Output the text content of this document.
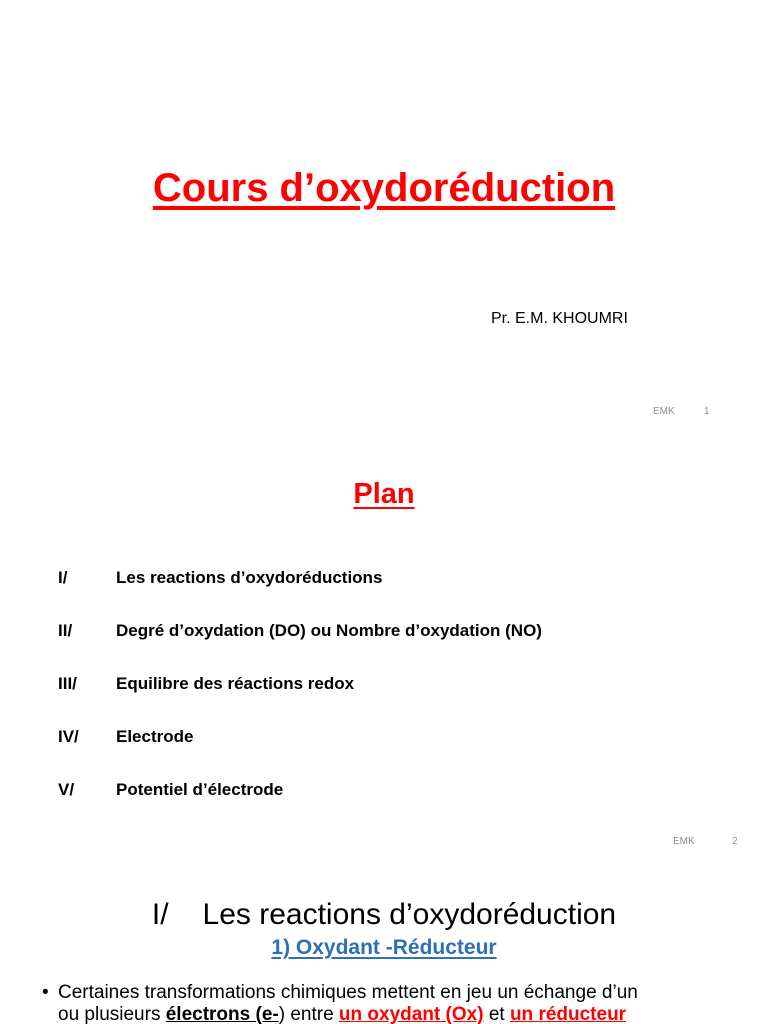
Cours d’oxydoréduction
Pr. E.M. KHOUMRI
EMK	1
Plan
I/	Les reactions d’oxydoréductions
II/	Degré d’oxydation (DO) ou Nombre d’oxydation (NO)
III/	Equilibre des réactions redox
IV/	Electrode
V/	Potentiel d’électrode
EMK	2
I/ Les reactions d’oxydoréduction
1) Oxydant -Réducteur
• Certaines transformations chimiques mettent en jeu un échange d’un
ou plusieurs électrons (e-) entre un oxydant (Ox) et un réducteur
